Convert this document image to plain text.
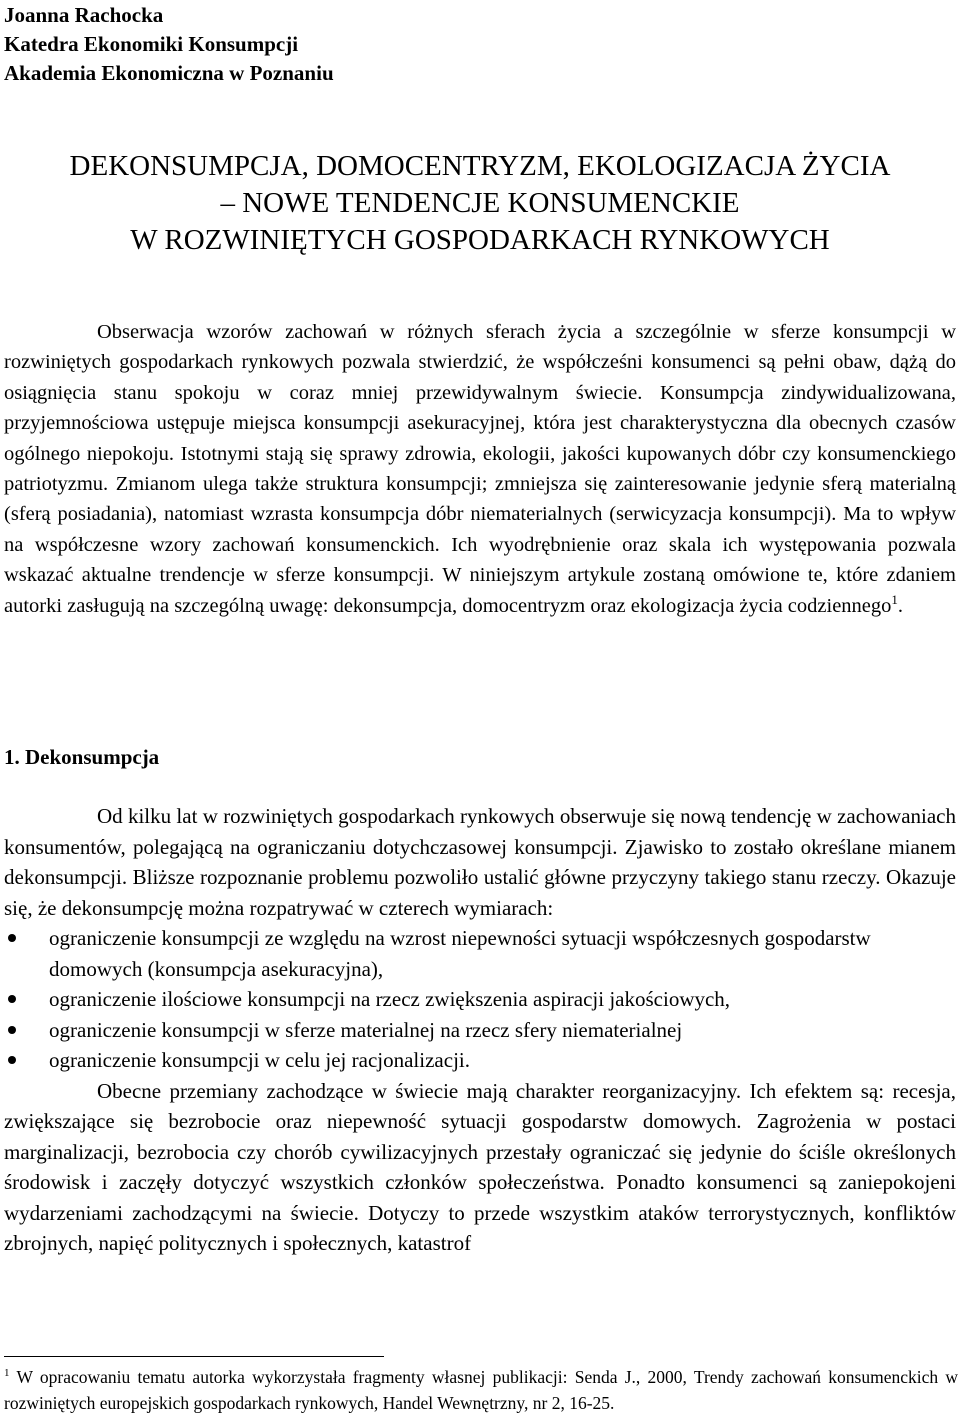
Joanna Rachocka
Katedra Ekonomiki Konsumpcji
Akademia Ekonomiczna w Poznaniu
DEKONSUMPCJA, DOMOCENTRYZM, EKOLOGIZACJA ŻYCIA
– NOWE TENDENCJE KONSUMENCKIE
W ROZWINIĘTYCH GOSPODARKACH RYNKOWYCH
Obserwacja wzorów zachowań w różnych sferach życia a szczególnie w sferze konsumpcji w rozwiniętych gospodarkach rynkowych pozwala stwierdzić, że współcześni konsumenci są pełni obaw, dążą do osiągnięcia stanu spokoju w coraz mniej przewidywalnym świecie. Konsumpcja zindywidualizowana, przyjemnościowa ustępuje miejsca konsumpcji asekuracyjnej, która jest charakterystyczna dla obecnych czasów ogólnego niepokoju. Istotnymi stają się sprawy zdrowia, ekologii, jakości kupowanych dóbr czy konsumenckiego patriotyzmu. Zmianom ulega także struktura konsumpcji; zmniejsza się zainteresowanie jedynie sferą materialną (sferą posiadania), natomiast wzrasta konsumpcja dóbr niematerialnych (serwicyzacja konsumpcji). Ma to wpływ na współczesne wzory zachowań konsumenckich. Ich wyodrębnienie oraz skala ich występowania pozwala wskazać aktualne trendencje w sferze konsumpcji. W niniejszym artykule zostaną omówione te, które zdaniem autorki zasługują na szczególną uwagę: dekonsumpcja, domocentryzm oraz ekologizacja życia codziennego$^1$.
1. Dekonsumpcja

Od kilku lat w rozwiniętych gospodarkach rynkowych obserwuje się nową tendencję w zachowaniach konsumentów, polegającą na ograniczaniu dotychczasowej konsumpcji. Zjawisko to zostało określane mianem dekonsumpcji. Bliższe rozpoznanie problemu pozwoliło ustalić główne przyczyny takiego stanu rzeczy. Okazuje się, że dekonsumpcję można rozpatrywać w czterech wymiarach:

ograniczenie konsumpcji ze względu na wzrost niepewności sytuacji współczesnych gospodarstw domowych (konsumpcja asekuracyjna),
ograniczenie ilościowe konsumpcji na rzecz zwiększenia aspiracji jakościowych,
ograniczenie konsumpcji w sferze materialnej na rzecz sfery niematerialnej
ograniczenie konsumpcji w celu jej racjonalizacji.

Obecne przemiany zachodzące w świecie mają charakter reorganizacyjny. Ich efektem są: recesja, zwiększające się bezrobocie oraz niepewność sytuacji gospodarstw domowych. Zagrożenia w postaci marginalizacji, bezrobocia czy chorób cywilizacyjnych przestały ograniczać się jedynie do ściśle określonych środowisk i zaczęły dotyczyć wszystkich członków społeczeństwa. Ponadto konsumenci są zaniepokojeni wydarzeniami zachodzącymi na świecie. Dotyczy to przede wszystkim ataków terrorystycznych, konfliktów zbrojnych, napięć politycznych i społecznych, katastrof

$^1$ W opracowaniu tematu autorka wykorzystała fragmenty własnej publikacji: Senda J., 2000, Trendy zachowań konsumenckich w rozwiniętych europejskich gospodarkach rynkowych, Handel Wewnętrzny, nr 2, 16-25.
